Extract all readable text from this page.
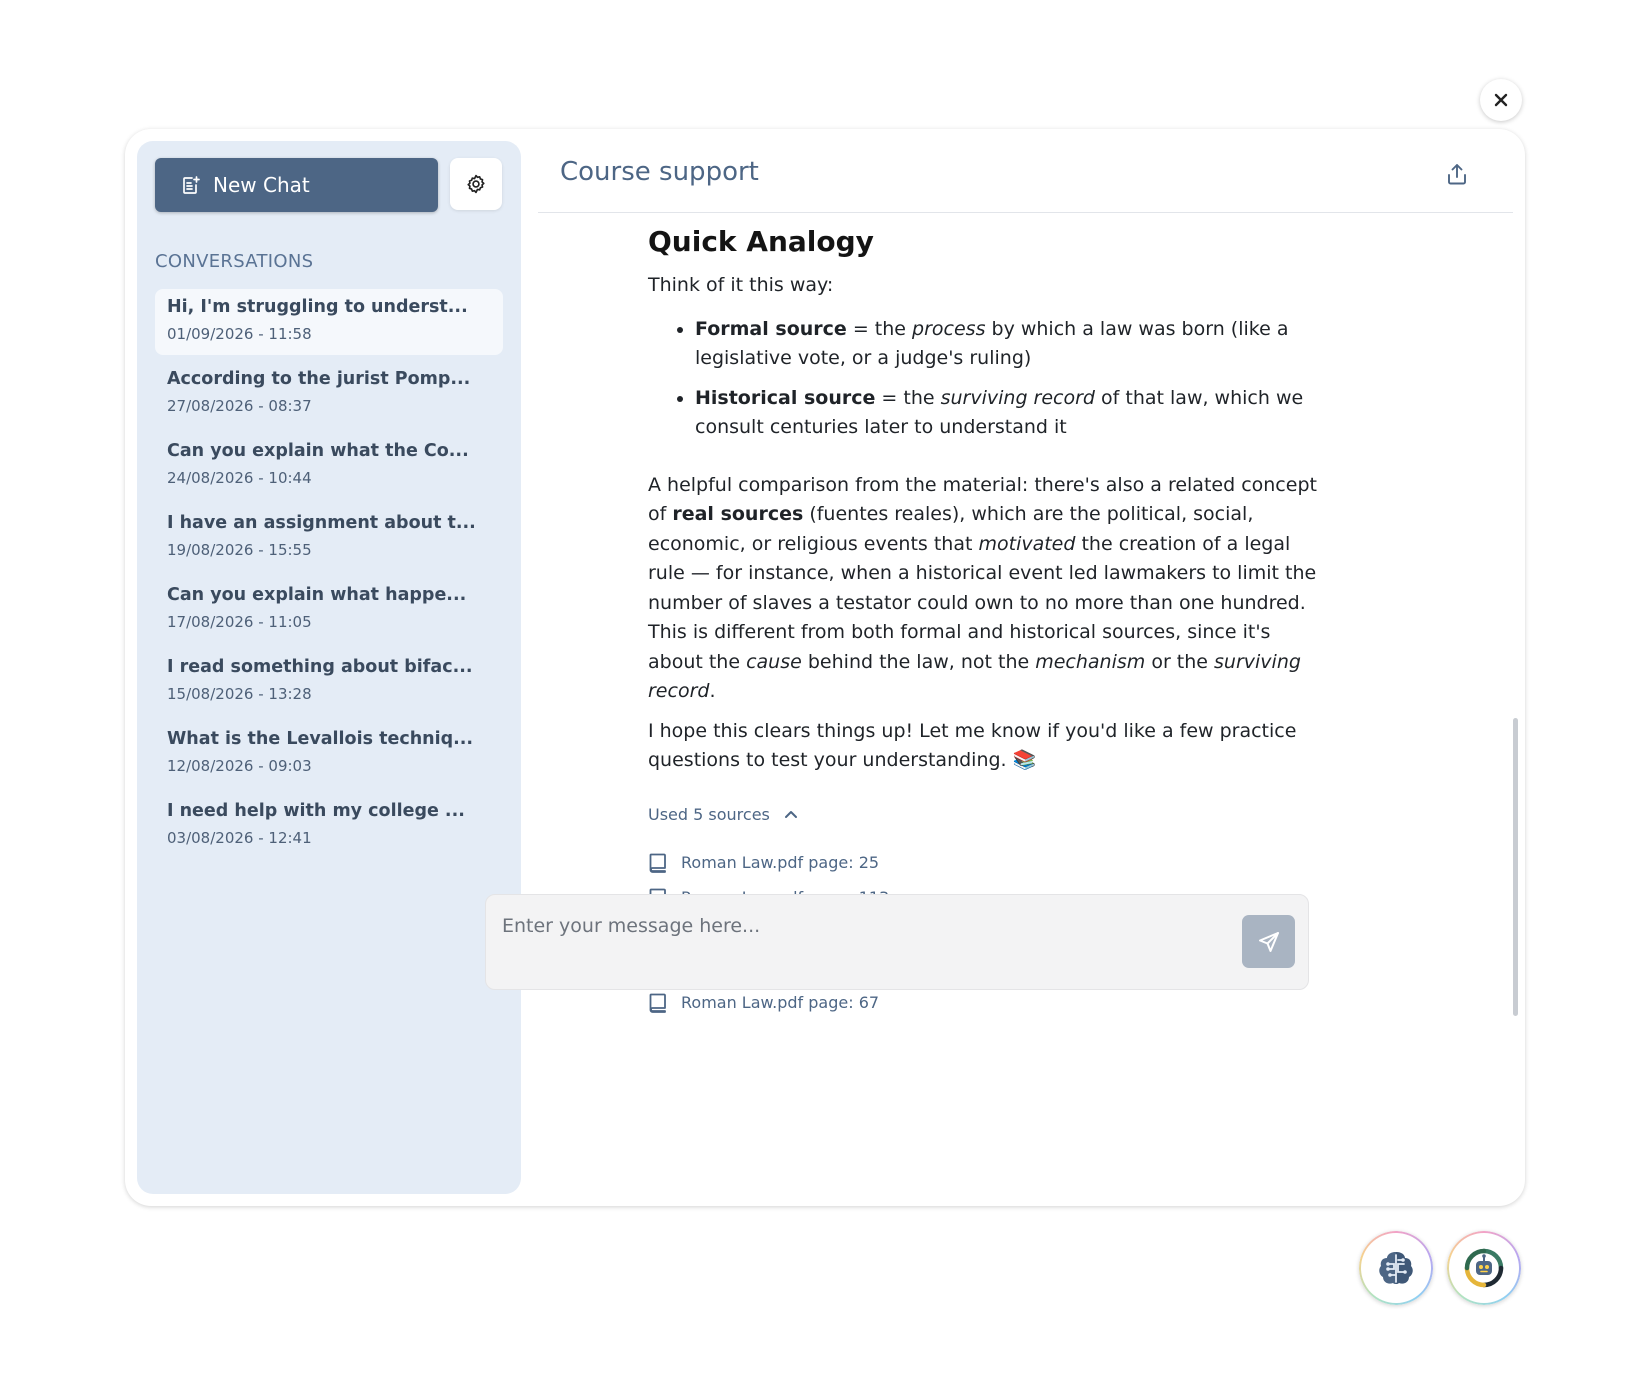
New Chat
CONVERSATIONS
Hi, I'm struggling to underst...
01/09/2026 - 11:58
According to the jurist Pomp...
27/08/2026 - 08:37
Can you explain what the Co...
24/08/2026 - 10:44
I have an assignment about t...
19/08/2026 - 15:55
Can you explain what happe...
17/08/2026 - 11:05
I read something about bifac...
15/08/2026 - 13:28
What is the Levallois techniq...
12/08/2026 - 09:03
I need help with my college ...
03/08/2026 - 12:41
Course support
Quick Analogy

Think of it this way:

• Formal source = the process by which a law was born (like a legislative vote, or a judge's ruling)
• Historical source = the surviving record of that law, which we consult centuries later to understand it

A helpful comparison from the material: there's also a related concept of real sources (fuentes reales), which are the political, social, economic, or religious events that motivated the creation of a legal rule — for instance, when a historical event led lawmakers to limit the number of slaves a testator could own to no more than one hundred. This is different from both formal and historical sources, since it's about the cause behind the law, not the mechanism or the surviving record.

I hope this clears things up! Let me know if you'd like a few practice questions to test your understanding. 📚

Used 5 sources
Roman Law.pdf page: 25
Roman Law.pdf page: 67
Enter your message here...
